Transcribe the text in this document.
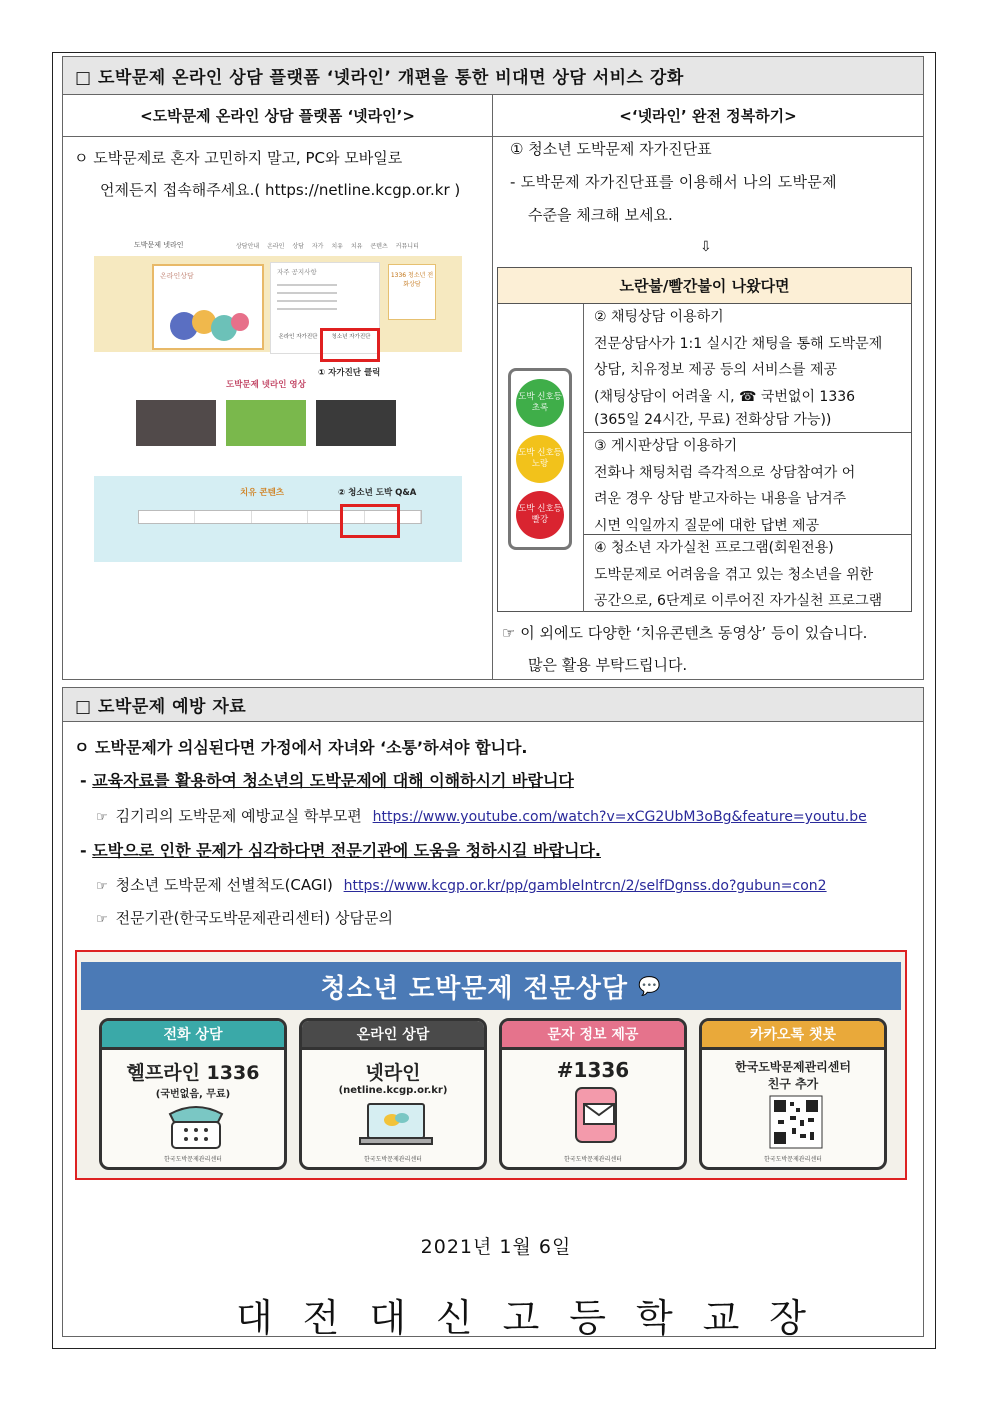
□ 도박문제 온라인 상담 플랫폼 ‘넷라인’ 개편을 통한 비대면 상담 서비스 강화
<도박문제 온라인 상담 플랫폼 ‘넷라인’>	<‘넷라인’ 완전 정복하기>
ㅇ 도박문제로 혼자 고민하지 말고, PC와 모바일로
언제든지 접속해주세요.( https://netline.kcgp.or.kr )
도박문제 넷라인	상담안내 온라인 상담 자가 치유 치유 콘텐츠 커뮤니티
온라인상담	자주 공지사항	1336 청소년 전화상담
온라인 자가진단	청소년 자가진단
① 자가진단 클릭
도박문제 넷라인 영상
치유 콘텐츠	② 청소년 도박 Q&A
① 청소년 도박문제 자가진단표
- 도박문제 자가진단표를 이용해서 나의 도박문제
수준을 체크해 보세요.
⇩
노란불/빨간불이 나왔다면
도박 신호등 초록
도박 신호등 노랑
도박 신호등 빨강
② 채팅상담 이용하기
전문상담사가 1:1 실시간 채팅을 통해 도박문제
상담, 치유정보 제공 등의 서비스를 제공
(채팅상담이 어려울 시, ☎ 국번없이 1336
(365일 24시간, 무료) 전화상담 가능))
③ 게시판상담 이용하기
전화나 채팅처럼 즉각적으로 상담참여가 어
려운 경우 상담 받고자하는 내용을 남겨주
시면 익일까지 질문에 대한 답변 제공
④ 청소년 자가실천 프로그램(회원전용)
도박문제로 어려움을 겪고 있는 청소년을 위한
공간으로, 6단계로 이루어진 자가실천 프로그램
☞ 이 외에도 다양한 ‘치유콘텐츠 동영상’ 등이 있습니다.
많은 활용 부탁드립니다.
□ 도박문제 예방 자료
ㅇ 도박문제가 의심된다면 가정에서 자녀와 ‘소통’하셔야 합니다.
- 교육자료를 활용하여 청소년의 도박문제에 대해 이해하시기 바랍니다
☞ 김기리의 도박문제 예방교실 학부모편 https://www.youtube.com/watch?v=xCG2UbM3oBg&feature=youtu.be
- 도박으로 인한 문제가 심각하다면 전문기관에 도움을 청하시길 바랍니다.
☞ 청소년 도박문제 선별척도(CAGI) https://www.kcgp.or.kr/pp/gambleIntrcn/2/selfDgnss.do?gubun=con2
☞ 전문기관(한국도박문제관리센터) 상담문의
청소년 도박문제 전문상담 💬
전화 상담
헬프라인 1336
(국번없음, 무료)
한국도박문제관리센터
온라인 상담
넷라인
(netline.kcgp.or.kr)
한국도박문제관리센터
문자 정보 제공
#1336
한국도박문제관리센터
카카오톡 챗봇
한국도박문제관리센터
친구 추가
한국도박문제관리센터
2021년 1월 6일
대 전 대 신 고 등 학 교 장
